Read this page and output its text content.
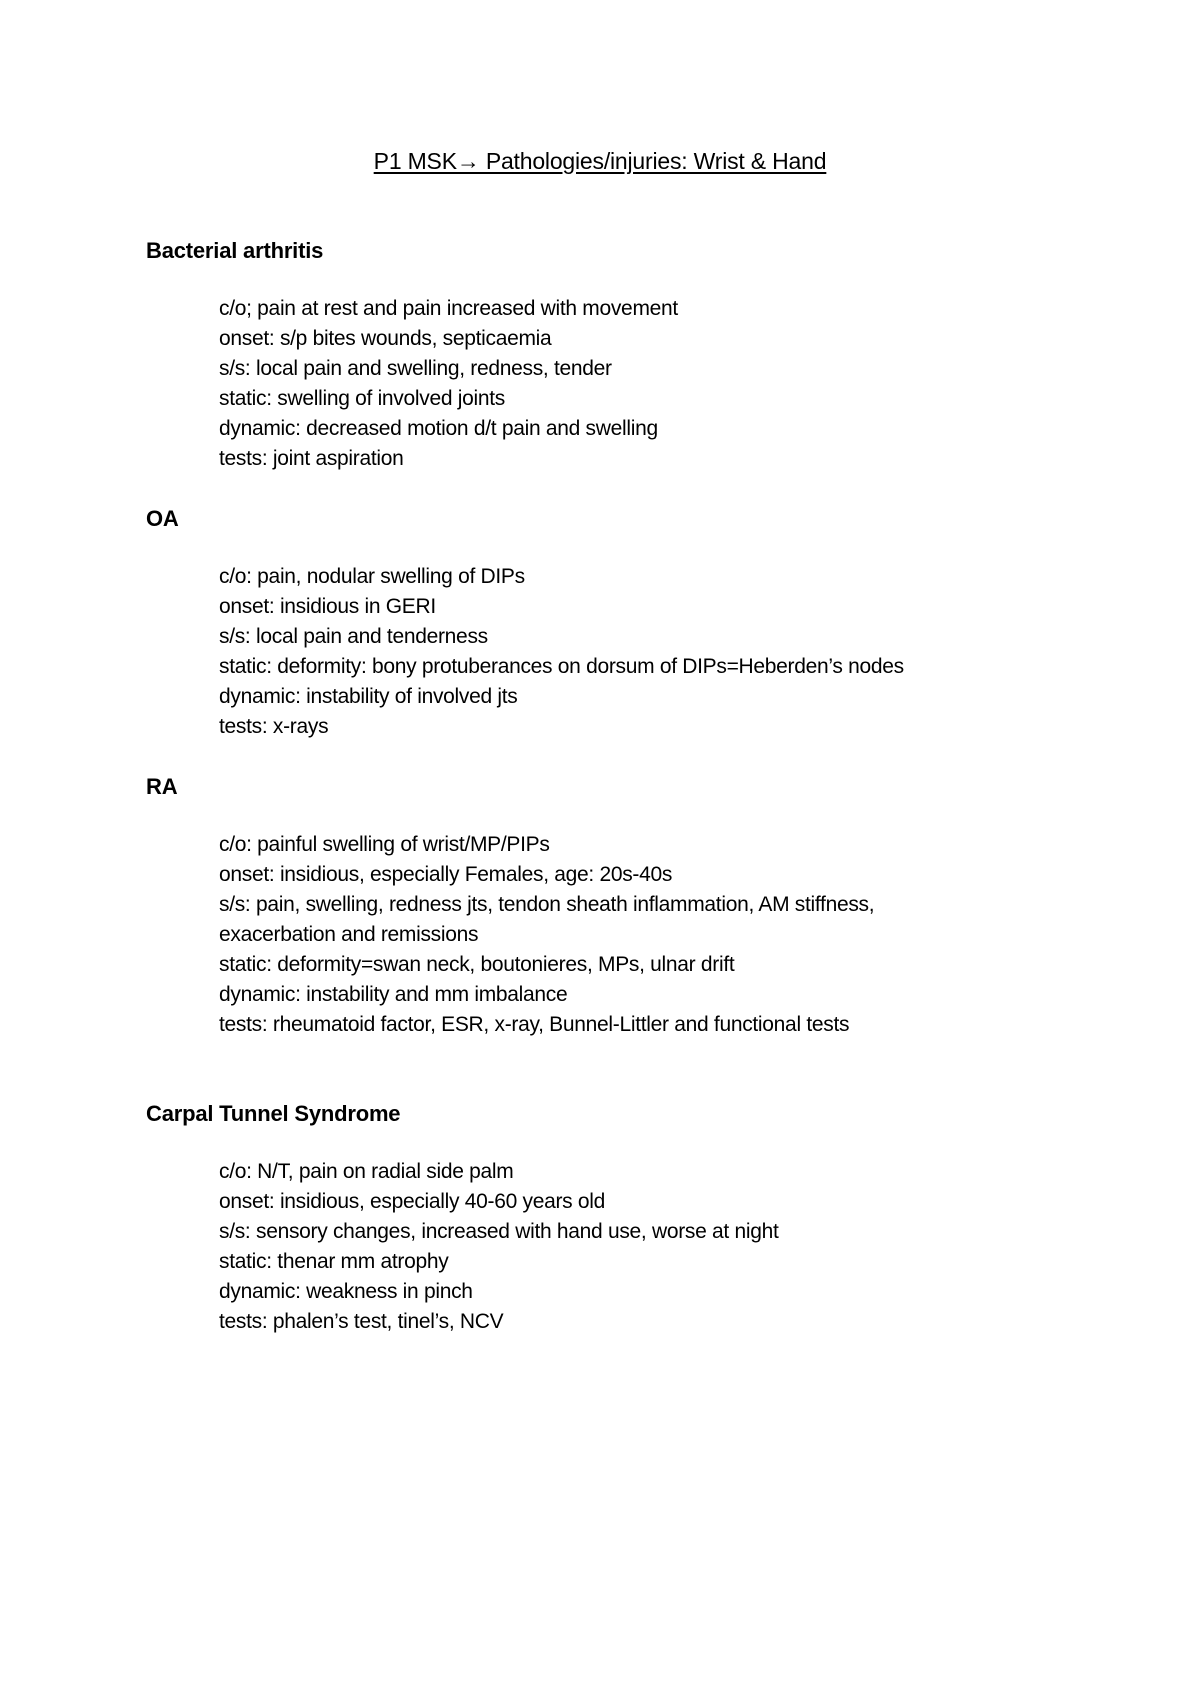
P1 MSK→ Pathologies/injuries: Wrist & Hand
Bacterial arthritis
c/o; pain at rest and pain increased with movement
onset: s/p bites wounds, septicaemia
s/s: local pain and swelling, redness, tender
static: swelling of involved joints
dynamic: decreased motion d/t pain and swelling
tests: joint aspiration
OA
c/o: pain, nodular swelling of DIPs
onset: insidious in GERI
s/s: local pain and tenderness
static: deformity: bony protuberances on dorsum of DIPs=Heberden’s nodes
dynamic: instability of involved jts
tests: x-rays
RA
c/o: painful swelling of wrist/MP/PIPs
onset: insidious, especially Females, age: 20s-40s
s/s: pain, swelling, redness jts, tendon sheath inflammation, AM stiffness,
exacerbation and remissions
static: deformity=swan neck, boutonieres, MPs, ulnar drift
dynamic: instability and mm imbalance
tests: rheumatoid factor, ESR, x-ray, Bunnel-Littler and functional tests
Carpal Tunnel Syndrome
c/o: N/T, pain on radial side palm
onset: insidious, especially 40-60 years old
s/s: sensory changes, increased with hand use, worse at night
static: thenar mm atrophy
dynamic: weakness in pinch
tests: phalen’s test, tinel’s, NCV
